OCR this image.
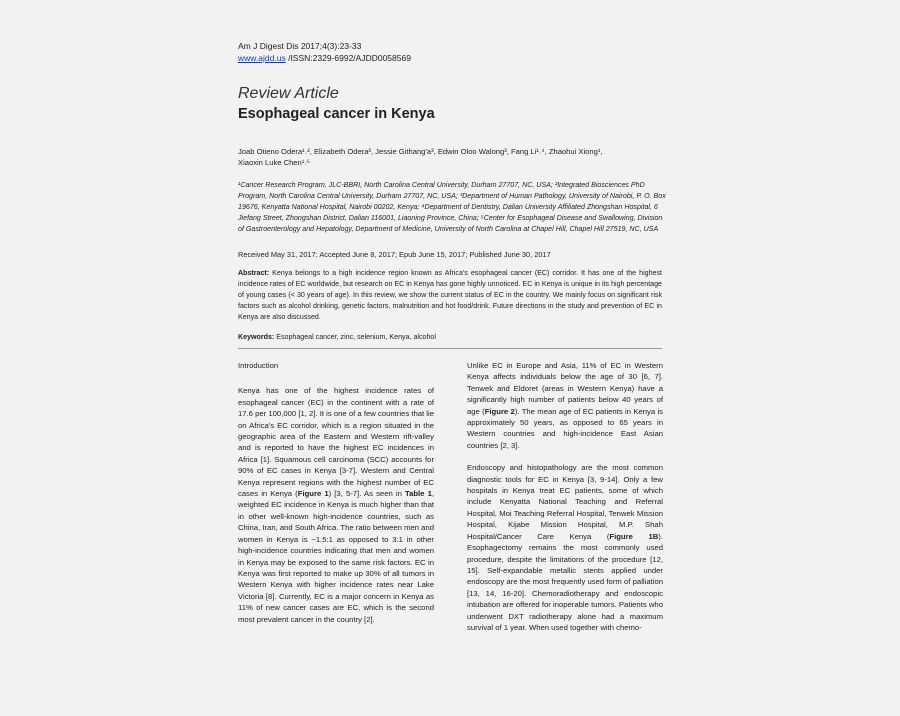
Am J Digest Dis 2017;4(3):23-33
www.ajdd.us /ISSN:2329-6992/AJDD0058569
Review Article
Esophageal cancer in Kenya
Joab Otieno Odera¹˒², Elizabeth Odera³, Jessie Githang'a³, Edwin Oloo Walong³, Fang Li¹˒⁴, Zhaohui Xiong¹,
Xiaoxin Luke Chen¹˒⁵
¹Cancer Research Program, JLC-BBRI, North Carolina Central University, Durham 27707, NC, USA; ²Integrated Biosciences PhD Program, North Carolina Central University, Durham 27707, NC, USA; ³Department of Human Pathology, University of Nairobi, P. O. Box 19676, Kenyatta National Hospital, Nairobi 00202, Kenya; ⁴Department of Dentistry, Dalian University Affiliated Zhongshan Hospital, 6 Jiefang Street, Zhongshan District, Dalian 116001, Liaoning Province, China; ⁵Center for Esophageal Disease and Swallowing, Division of Gastroenterology and Hepatology, Department of Medicine, University of North Carolina at Chapel Hill, Chapel Hill 27519, NC, USA
Received May 31, 2017; Accepted June 8, 2017; Epub June 15, 2017; Published June 30, 2017
Abstract: Kenya belongs to a high incidence region known as Africa's esophageal cancer (EC) corridor. It has one of the highest incidence rates of EC worldwide, but research on EC in Kenya has gone highly unnoticed. EC in Kenya is unique in its high percentage of young cases (< 30 years of age). In this review, we show the current status of EC in the country. We mainly focus on significant risk factors such as alcohol drinking, genetic factors, malnutrition and hot food/drink. Future directions in the study and prevention of EC in Kenya are also discussed.
Keywords: Esophageal cancer, zinc, selenium, Kenya, alcohol
Introduction

Kenya has one of the highest incidence rates of esophageal cancer (EC) in the continent with a rate of 17.6 per 100,000 [1, 2]. It is one of a few countries that lie on Africa's EC corridor, which is a region situated in the geographic area of the Eastern and Western rift-valley and is reported to have the highest EC incidences in Africa [1]. Squamous cell carcinoma (SCC) accounts for 90% of EC cases in Kenya [3-7]. Western and Central Kenya represent regions with the highest number of EC cases in Kenya (Figure 1) [3, 5-7]. As seen in Table 1, weighted EC incidence in Kenya is much higher than that in other well-known high-incidence countries, such as China, Iran, and South Africa. The ratio between men and women in Kenya is ~1.5:1 as opposed to 3:1 in other high-incidence countries indicating that men and women in Kenya may be exposed to the same risk factors. EC in Kenya was first reported to make up 30% of all tumors in Western Kenya with higher incidence rates near Lake Victoria [8]. Currently, EC is a major concern in Kenya as 11% of new cancer cases are EC, which is the second most prevalent cancer in the country [2].

Unlike EC in Europe and Asia, 11% of EC in Western Kenya affects individuals below the age of 30 [6, 7]. Tenwek and Eldoret (areas in Western Kenya) have a significantly high number of patients below 40 years of age (Figure 2). The mean age of EC patients in Kenya is approximately 50 years, as opposed to 65 years in Western countries and high-incidence East Asian countries [2, 3].

Endoscopy and histopathology are the most common diagnostic tools for EC in Kenya [3, 9-14]. Only a few hospitals in Kenya treat EC patients, some of which include Kenyatta National Teaching and Referral Hospital, Moi Teaching Referral Hospital, Tenwek Mission Hospital, Kijabe Mission Hospital, M.P. Shah Hospital/Cancer Care Kenya (Figure 1B). Esophagectomy remains the most commonly used procedure, despite the limitations of the procedure [12, 15]. Self-expandable metallic stents applied under endoscopy are the most frequently used form of palliation [13, 14, 16-20]. Chemoradiotherapy and endoscopic intubation are offered for inoperable tumors. Patients who underwent DXT radiotherapy alone had a maximum survival of 1 year. When used together with chemo-
